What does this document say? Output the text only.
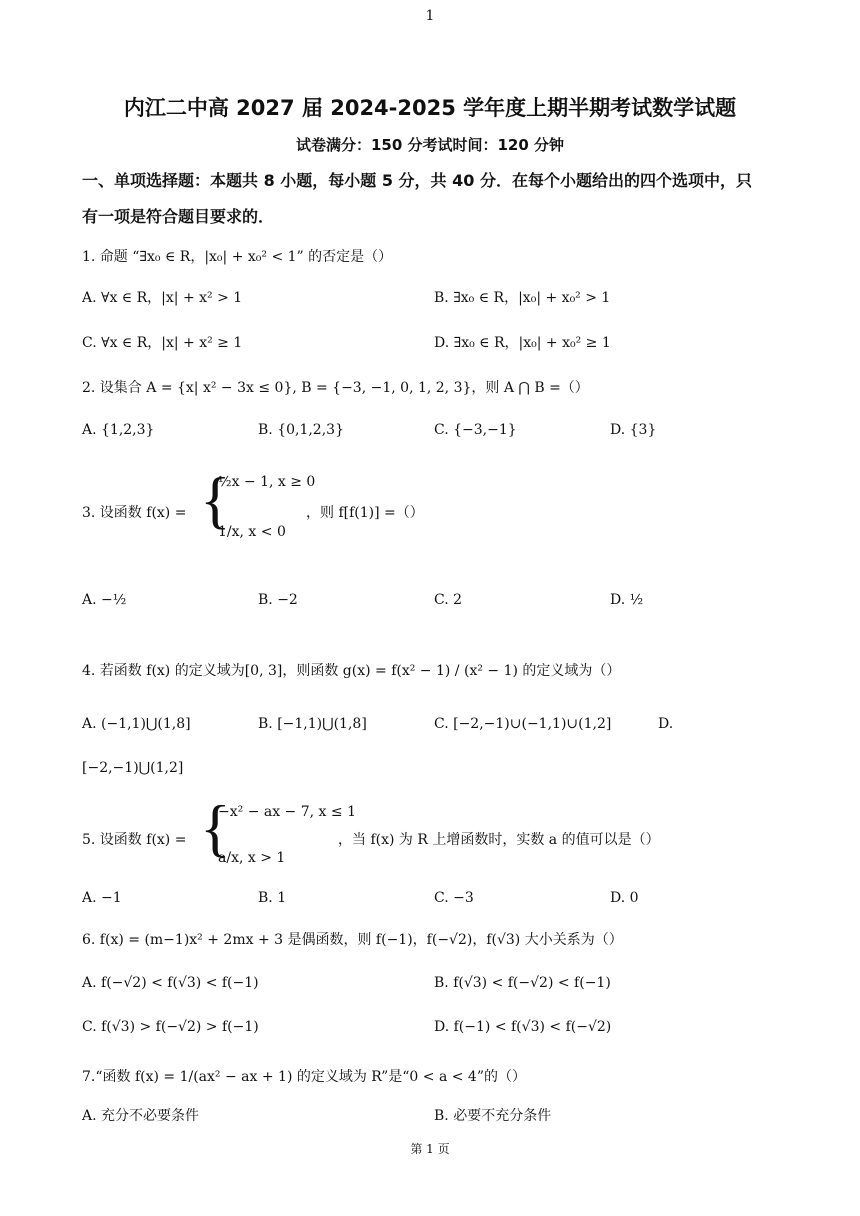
1
内江二中高 2027 届 2024-2025 学年度上期半期考试数学试题
试卷满分：150 分考试时间：120 分钟
一、单项选择题：本题共 8 小题，每小题 5 分，共 40 分．在每个小题给出的四个选项中，只
有一项是符合题目要求的．
1. 命题 “∃x₀ ∈ R，|x₀| + x₀² < 1” 的否定是（）
A. ∀x ∈ R，|x| + x² > 1	B. ∃x₀ ∈ R，|x₀| + x₀² > 1
C. ∀x ∈ R，|x| + x² ≥ 1	D. ∃x₀ ∈ R，|x₀| + x₀² ≥ 1
2. 设集合 A = {x| x² − 3x ≤ 0}, B = {−3, −1, 0, 1, 2, 3}，则 A ⋂ B =（）
A. {1,2,3}	B. {0,1,2,3}	C. {−3,−1}	D. {3}
3. 设函数 f(x) = {
½x − 1, x ≥ 0
1/x, x < 0
，则 f[f(1)] =（）
A. −½	B. −2	C. 2	D. ½
4. 若函数 f(x) 的定义域为[0, 3]，则函数 g(x) = f(x² − 1) / (x² − 1) 的定义域为（）
A. (−1,1)⋃(1,8]	B. [−1,1)⋃(1,8]	C. [−2,−1)∪(−1,1)∪(1,2]	D.
[−2,−1)⋃(1,2]
5. 设函数 f(x) = {
−x² − ax − 7, x ≤ 1
a/x, x > 1
，当 f(x) 为 R 上增函数时，实数 a 的值可以是（）
A. −1	B. 1	C. −3	D. 0
6. f(x) = (m−1)x² + 2mx + 3 是偶函数，则 f(−1)，f(−√2)，f(√3) 大小关系为（）
A. f(−√2) < f(√3) < f(−1)	B. f(√3) < f(−√2) < f(−1)
C. f(√3) > f(−√2) > f(−1)	D. f(−1) < f(√3) < f(−√2)
7.“函数 f(x) = 1/(ax² − ax + 1) 的定义域为 R”是“0 < a < 4”的（）
A. 充分不必要条件	B. 必要不充分条件
第 1 页
